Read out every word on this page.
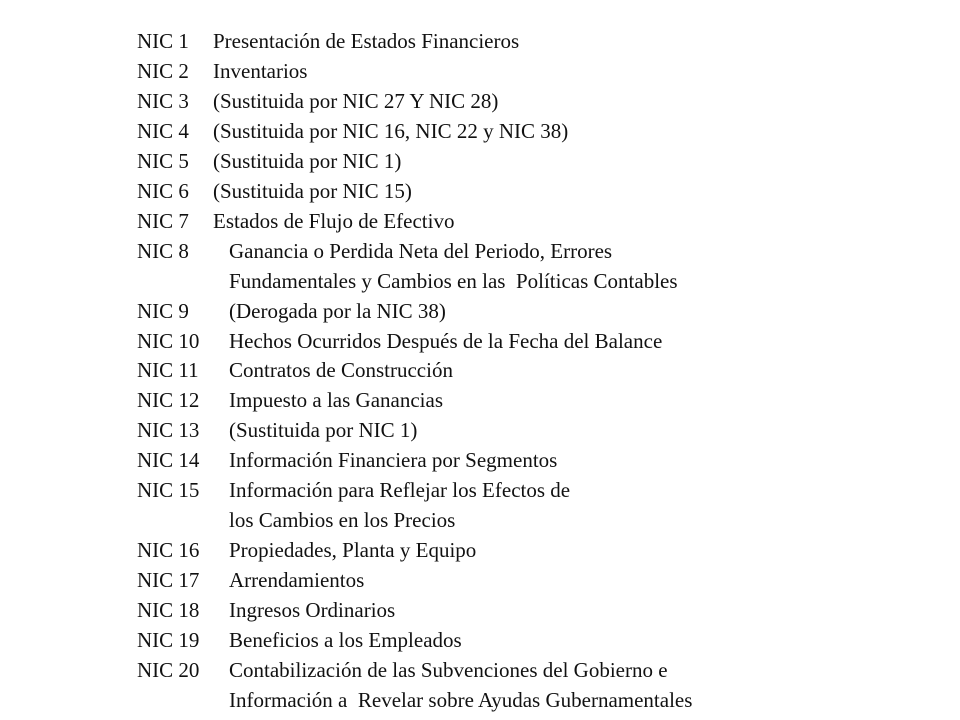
NIC 1 Presentación de Estados Financieros
NIC 2 Inventarios
NIC 3 (Sustituida por NIC 27 Y NIC 28)
NIC 4 (Sustituida por NIC 16, NIC 22 y NIC 38)
NIC 5 (Sustituida por NIC 1)
NIC 6 (Sustituida por NIC 15)
NIC 7 Estados de Flujo de Efectivo
NIC 8 Ganancia o Perdida Neta del Periodo, Errores
Fundamentales y Cambios en las  Políticas Contables
NIC 9 (Derogada por la NIC 38)
NIC 10 Hechos Ocurridos Después de la Fecha del Balance
NIC 11 Contratos de Construcción
NIC 12 Impuesto a las Ganancias
NIC 13 (Sustituida por NIC 1)
NIC 14 Información Financiera por Segmentos
NIC 15 Información para Reflejar los Efectos de
los Cambios en los Precios
NIC 16 Propiedades, Planta y Equipo
NIC 17 Arrendamientos
NIC 18 Ingresos Ordinarios
NIC 19 Beneficios a los Empleados
NIC 20	Contabilización de las Subvenciones del Gobierno e
Información a  Revelar sobre Ayudas Gubernamentales
